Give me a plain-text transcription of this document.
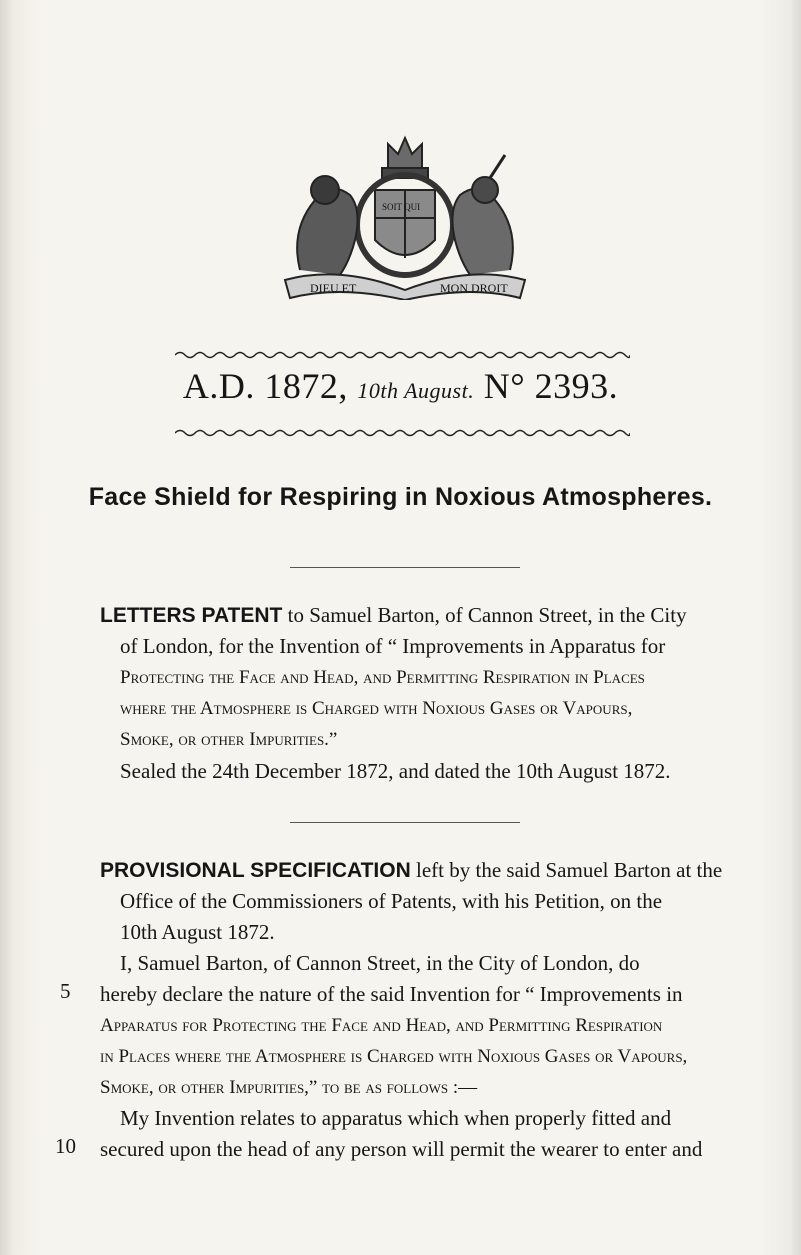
DIEU ET	MON DROIT
SOIT QUI
A.D. 1872, 10th August. N° 2393.
Face Shield for Respiring in Noxious Atmospheres.
LETTERS PATENT to Samuel Barton, of Cannon Street, in the City
of London, for the Invention of “ Improvements in Apparatus for
Protecting the Face and Head, and Permitting Respiration in Places
where the Atmosphere is Charged with Noxious Gases or Vapours,
Smoke, or other Impurities.”
Sealed the 24th December 1872, and dated the 10th August 1872.
PROVISIONAL SPECIFICATION left by the said Samuel Barton at the
Office of the Commissioners of Patents, with his Petition, on the
10th August 1872.
I, Samuel Barton, of Cannon Street, in the City of London, do
hereby declare the nature of the said Invention for “ Improvements in
Apparatus for Protecting the Face and Head, and Permitting Respiration
in Places where the Atmosphere is Charged with Noxious Gases or Vapours,
Smoke, or other Impurities,” to be as follows :—
5
My Invention relates to apparatus which when properly fitted and
secured upon the head of any person will permit the wearer to enter and
10
